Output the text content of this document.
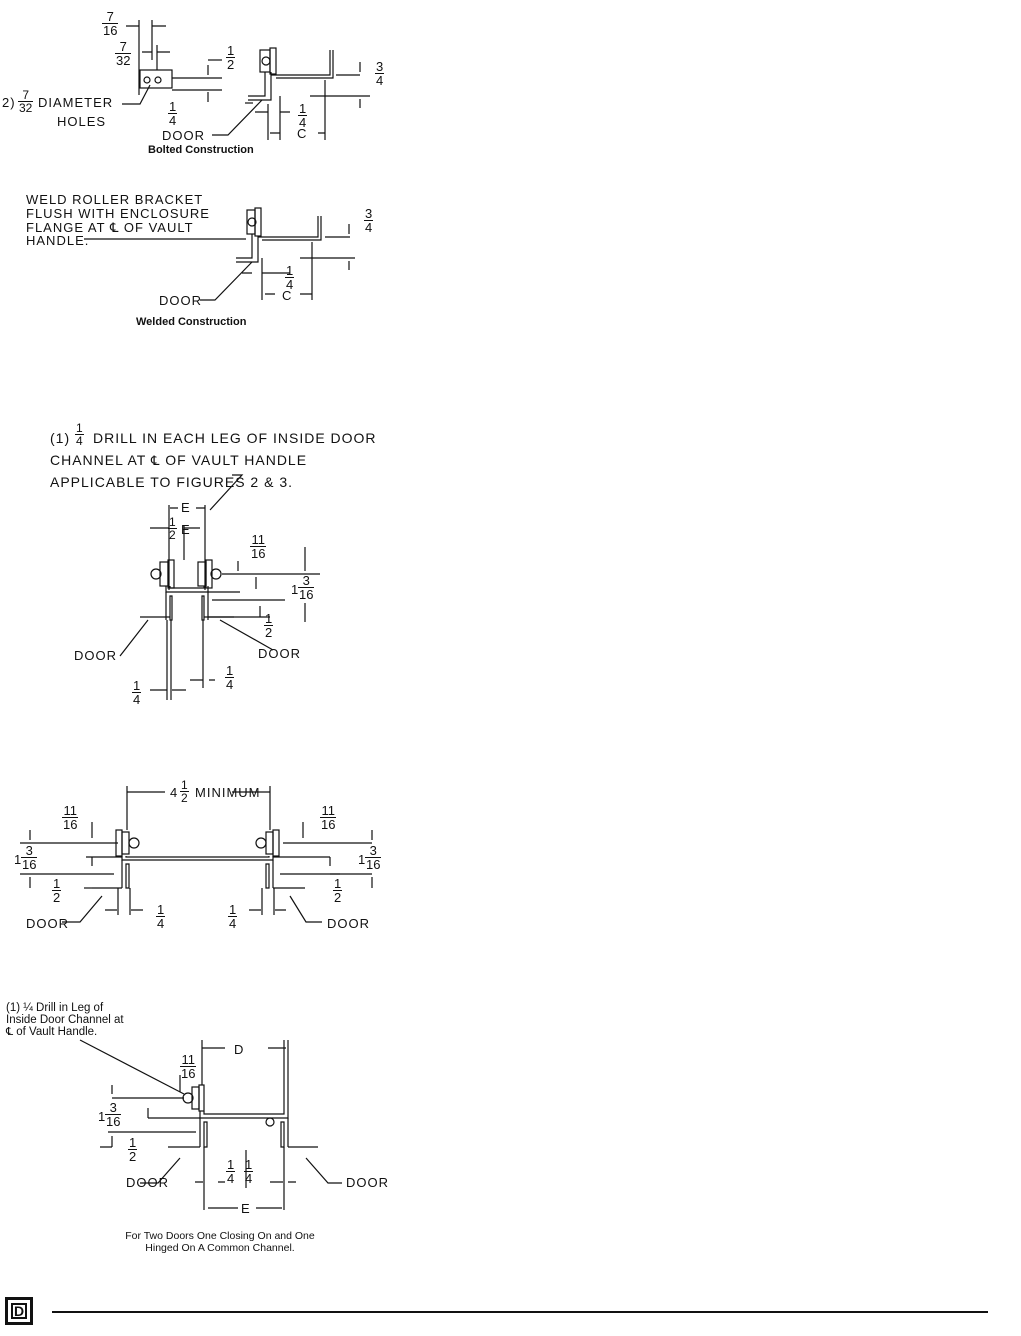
$\frac{7}{16}$
$\frac{7}{32}$	$\frac{1}{2}$
$\frac{1}{4}$
$2) \frac{7}{32}$ DIAMETER
HOLES
DOOR
$\frac{3}{4}$
$\frac{1}{4}$
C
Bolted Construction
WELD ROLLER BRACKET
FLUSH WITH ENCLOSURE
FLANGE AT ℄ OF VAULT
HANDLE.
$\frac{3}{4}$
$\frac{1}{4}$
C
DOOR
Welded Construction
(1) DRILL IN EACH LEG OF INSIDE DOOR
$\frac{1}{4}$
CHANNEL AT ℄ OF VAULT HANDLE
APPLICABLE TO FIGURES 2 & 3.
E
$\frac{1}{2}$ E
$\frac{11}{16}$
1
$\frac{3}{16}$
$\frac{1}{2}$
DOOR	DOOR
$\frac{1}{4}$
$\frac{1}{4}$
$4 \frac{1}{2}$ MINIMUM
$\frac{11}{16}$	$\frac{11}{16}$
1
$\frac{3}{16}$	1
$\frac{3}{16}$
$\frac{1}{2}$	$\frac{1}{2}$
$\frac{1}{4}$	$\frac{1}{4}$
DOOR	DOOR
(1) ¼ Drill in Leg of
Inside Door Channel at
℄ of Vault Handle.
D
$\frac{11}{16}$
1
$\frac{3}{16}$
$\frac{1}{2}$
DOOR	DOOR
$\frac{1}{4} \frac{1}{4}$
E
For Two Doors One Closing On and One
Hinged On A Common Channel.
D
